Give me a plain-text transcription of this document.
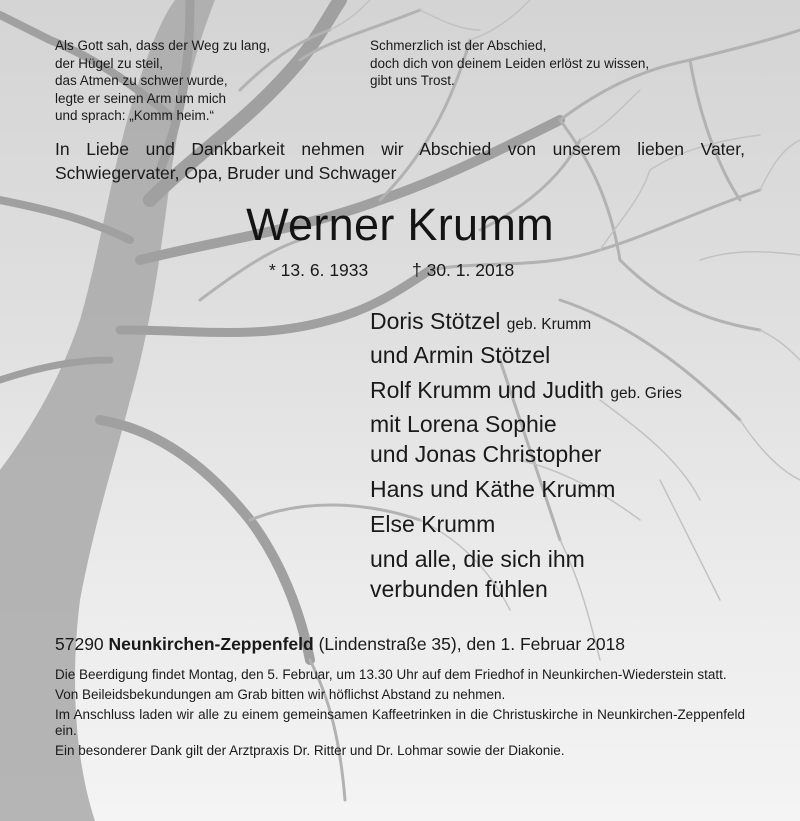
Als Gott sah, dass der Weg zu lang,
der Hügel zu steil,
das Atmen zu schwer wurde,
legte er seinen Arm um mich
und sprach: „Komm heim.“
Schmerzlich ist der Abschied,
doch dich von deinem Leiden erlöst zu wissen,
gibt uns Trost.
In Liebe und Dankbarkeit nehmen wir Abschied von unserem lieben Vater,
Schwiegervater, Opa, Bruder und Schwager
Werner Krumm
* 13. 6. 1933	† 30. 1. 2018
Doris Stötzel geb. Krumm
und Armin Stötzel
Rolf Krumm und Judith geb. Gries
mit Lorena Sophie
und Jonas Christopher
Hans und Käthe Krumm
Else Krumm
und alle, die sich ihm
verbunden fühlen
57290 Neunkirchen-Zeppenfeld (Lindenstraße 35), den 1. Februar 2018
Die Beerdigung findet Montag, den 5. Februar, um 13.30 Uhr auf dem Friedhof in Neunkirchen-Wiederstein statt.
Von Beileidsbekundungen am Grab bitten wir höflichst Abstand zu nehmen.
Im Anschluss laden wir alle zu einem gemeinsamen Kaffeetrinken in die Christuskirche in Neunkirchen-Zeppenfeld ein.
Ein besonderer Dank gilt der Arztpraxis Dr. Ritter und Dr. Lohmar sowie der Diakonie.
